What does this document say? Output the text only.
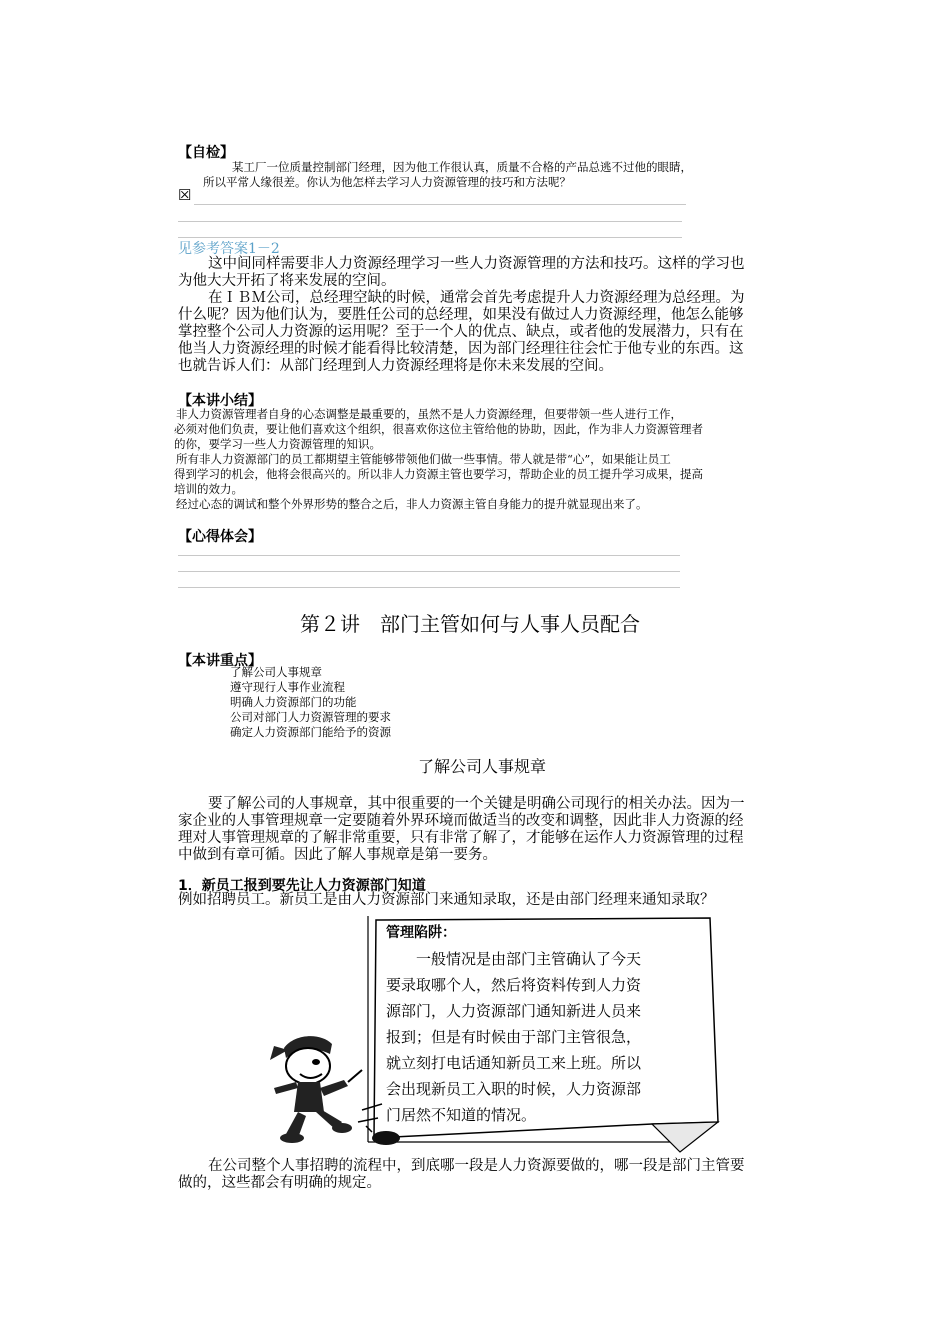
【自检】
某工厂一位质量控制部门经理，因为他工作很认真，质量不合格的产品总逃不过他的眼睛，
所以平常人缘很差。你认为他怎样去学习人力资源管理的技巧和方法呢？
☒
见参考答案1－2
这中间同样需要非人力资源经理学习一些人力资源管理的方法和技巧。这样的学习也
为他大大开拓了将来发展的空间。
在ＩＢＭ公司，总经理空缺的时候，通常会首先考虑提升人力资源经理为总经理。为
什么呢？因为他们认为，要胜任公司的总经理，如果没有做过人力资源经理，他怎么能够
掌控整个公司人力资源的运用呢？至于一个人的优点、缺点，或者他的发展潜力，只有在
他当人力资源经理的时候才能看得比较清楚，因为部门经理往往会忙于他专业的东西。这
也就告诉人们：从部门经理到人力资源经理将是你未来发展的空间。
【本讲小结】
非人力资源管理者自身的心态调整是最重要的，虽然不是人力资源经理，但要带领一些人进行工作，
必须对他们负责，要让他们喜欢这个组织，很喜欢你这位主管给他的协助，因此，作为非人力资源管理者
的你，要学习一些人力资源管理的知识。
所有非人力资源部门的员工都期望主管能够带领他们做一些事情。带人就是带“心”，如果能让员工
得到学习的机会，他将会很高兴的。所以非人力资源主管也要学习，帮助企业的员工提升学习成果，提高
培训的效力。
经过心态的调试和整个外界形势的整合之后，非人力资源主管自身能力的提升就显现出来了。
【心得体会】
第２讲　部门主管如何与人事人员配合
【本讲重点】
了解公司人事规章
遵守现行人事作业流程
明确人力资源部门的功能
公司对部门人力资源管理的要求
确定人力资源部门能给予的资源
了解公司人事规章
要了解公司的人事规章，其中很重要的一个关键是明确公司现行的相关办法。因为一
家企业的人事管理规章一定要随着外界环境而做适当的改变和调整，因此非人力资源的经
理对人事管理规章的了解非常重要，只有非常了解了，才能够在运作人力资源管理的过程
中做到有章可循。因此了解人事规章是第一要务。
1．新员工报到要先让人力资源部门知道
例如招聘员工。新员工是由人力资源部门来通知录取，还是由部门经理来通知录取？
管理陷阱：
一般情况是由部门主管确认了今天
要录取哪个人，然后将资料传到人力资
源部门，人力资源部门通知新进人员来
报到；但是有时候由于部门主管很急，
就立刻打电话通知新员工来上班。所以
会出现新员工入职的时候，人力资源部
门居然不知道的情况。
在公司整个人事招聘的流程中，到底哪一段是人力资源要做的，哪一段是部门主管要
做的，这些都会有明确的规定。
